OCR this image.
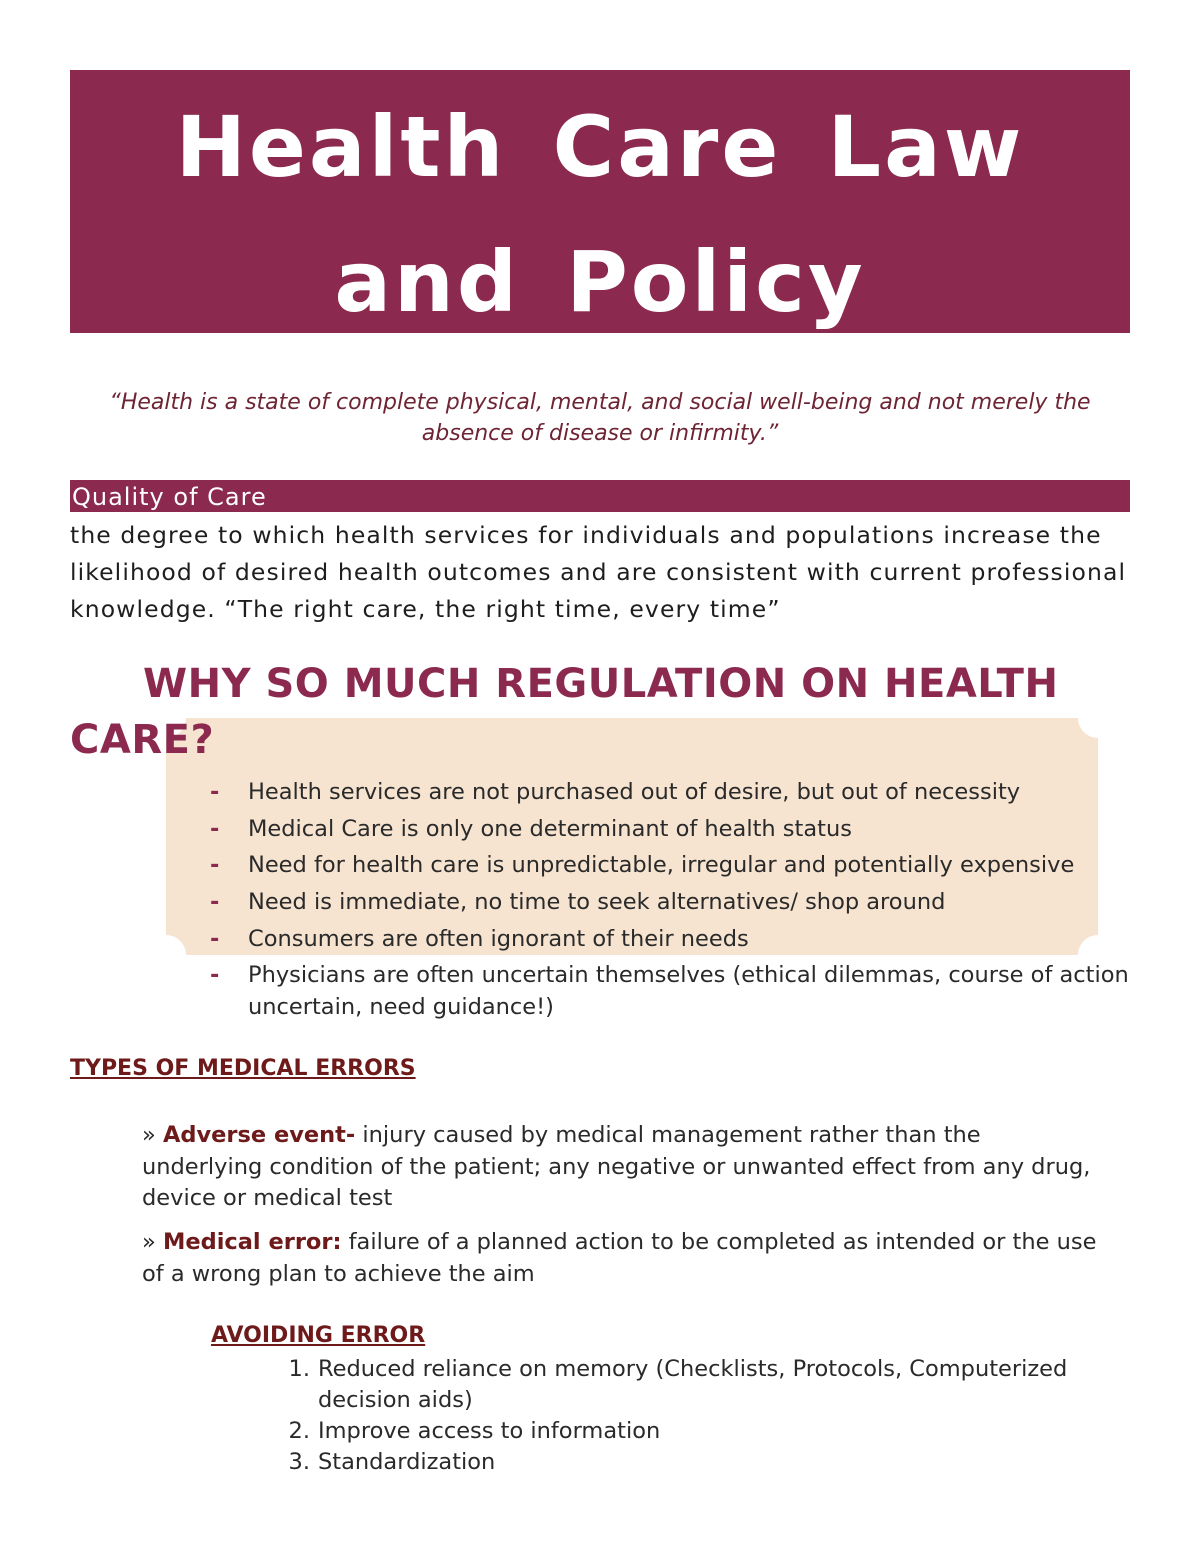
Health Care Law
and Policy
“Health is a state of complete physical, mental, and social well-being and not merely the absence of disease or infirmity.”
Quality of Care
the degree to which health services for individuals and populations increase the likelihood of desired health outcomes and are consistent with current professional knowledge. “The right care, the right time, every time”
WHY SO MUCH REGULATION ON HEALTH
CARE?
- Health services are not purchased out of desire, but out of necessity
- Medical Care is only one determinant of health status
- Need for health care is unpredictable, irregular and potentially expensive
- Need is immediate, no time to seek alternatives/ shop around
- Consumers are often ignorant of their needs
- Physicians are often uncertain themselves (ethical dilemmas, course of action uncertain, need guidance!)
TYPES OF MEDICAL ERRORS
» Adverse event- injury caused by medical management rather than the underlying condition of the patient; any negative or unwanted effect from any drug, device or medical test
» Medical error: failure of a planned action to be completed as intended or the use of a wrong plan to achieve the aim
AVOIDING ERROR
1. Reduced reliance on memory (Checklists, Protocols, Computerized decision aids)
2. Improve access to information
3. Standardization
